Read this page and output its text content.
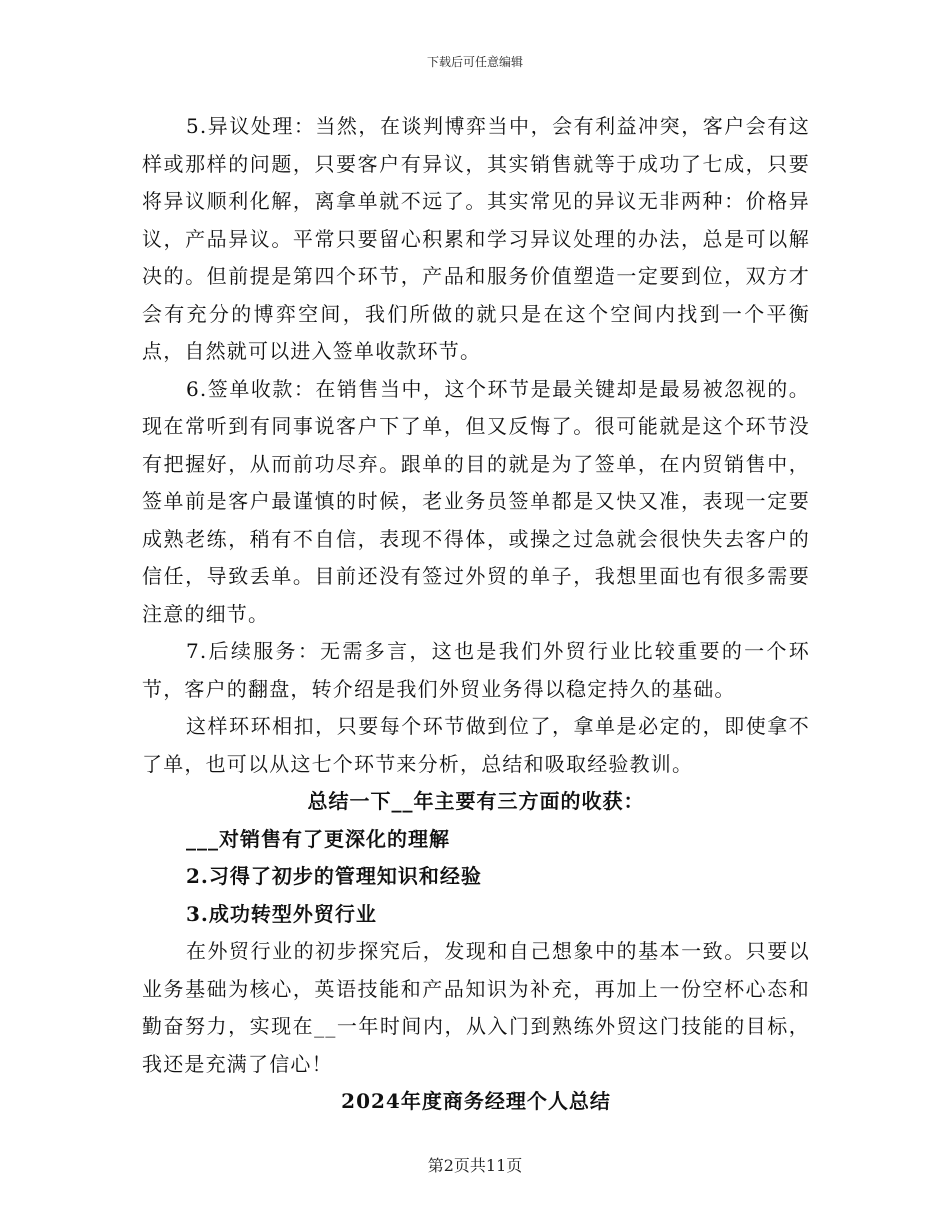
下载后可任意编辑

5.异议处理：当然，在谈判博弈当中，会有利益冲突，客户会有这样或那样的问题，只要客户有异议，其实销售就等于成功了七成，只要将异议顺利化解，离拿单就不远了。其实常见的异议无非两种：价格异议，产品异议。平常只要留心积累和学习异议处理的办法，总是可以解决的。但前提是第四个环节，产品和服务价值塑造一定要到位，双方才会有充分的博弈空间，我们所做的就只是在这个空间内找到一个平衡点，自然就可以进入签单收款环节。

6.签单收款：在销售当中，这个环节是最关键却是最易被忽视的。现在常听到有同事说客户下了单，但又反悔了。很可能就是这个环节没有把握好，从而前功尽弃。跟单的目的就是为了签单，在内贸销售中，签单前是客户最谨慎的时候，老业务员签单都是又快又准，表现一定要成熟老练，稍有不自信，表现不得体，或操之过急就会很快失去客户的信任，导致丢单。目前还没有签过外贸的单子，我想里面也有很多需要注意的细节。

7.后续服务：无需多言，这也是我们外贸行业比较重要的一个环节，客户的翻盘，转介绍是我们外贸业务得以稳定持久的基础。

这样环环相扣，只要每个环节做到位了，拿单是必定的，即使拿不了单，也可以从这七个环节来分析，总结和吸取经验教训。

总结一下__年主要有三方面的收获：

___对销售有了更深化的理解

2.习得了初步的管理知识和经验

3.成功转型外贸行业

在外贸行业的初步探究后，发现和自己想象中的基本一致。只要以业务基础为核心，英语技能和产品知识为补充，再加上一份空杯心态和勤奋努力，实现在__一年时间内，从入门到熟练外贸这门技能的目标，我还是充满了信心！

2024年度商务经理个人总结

第2页共11页
